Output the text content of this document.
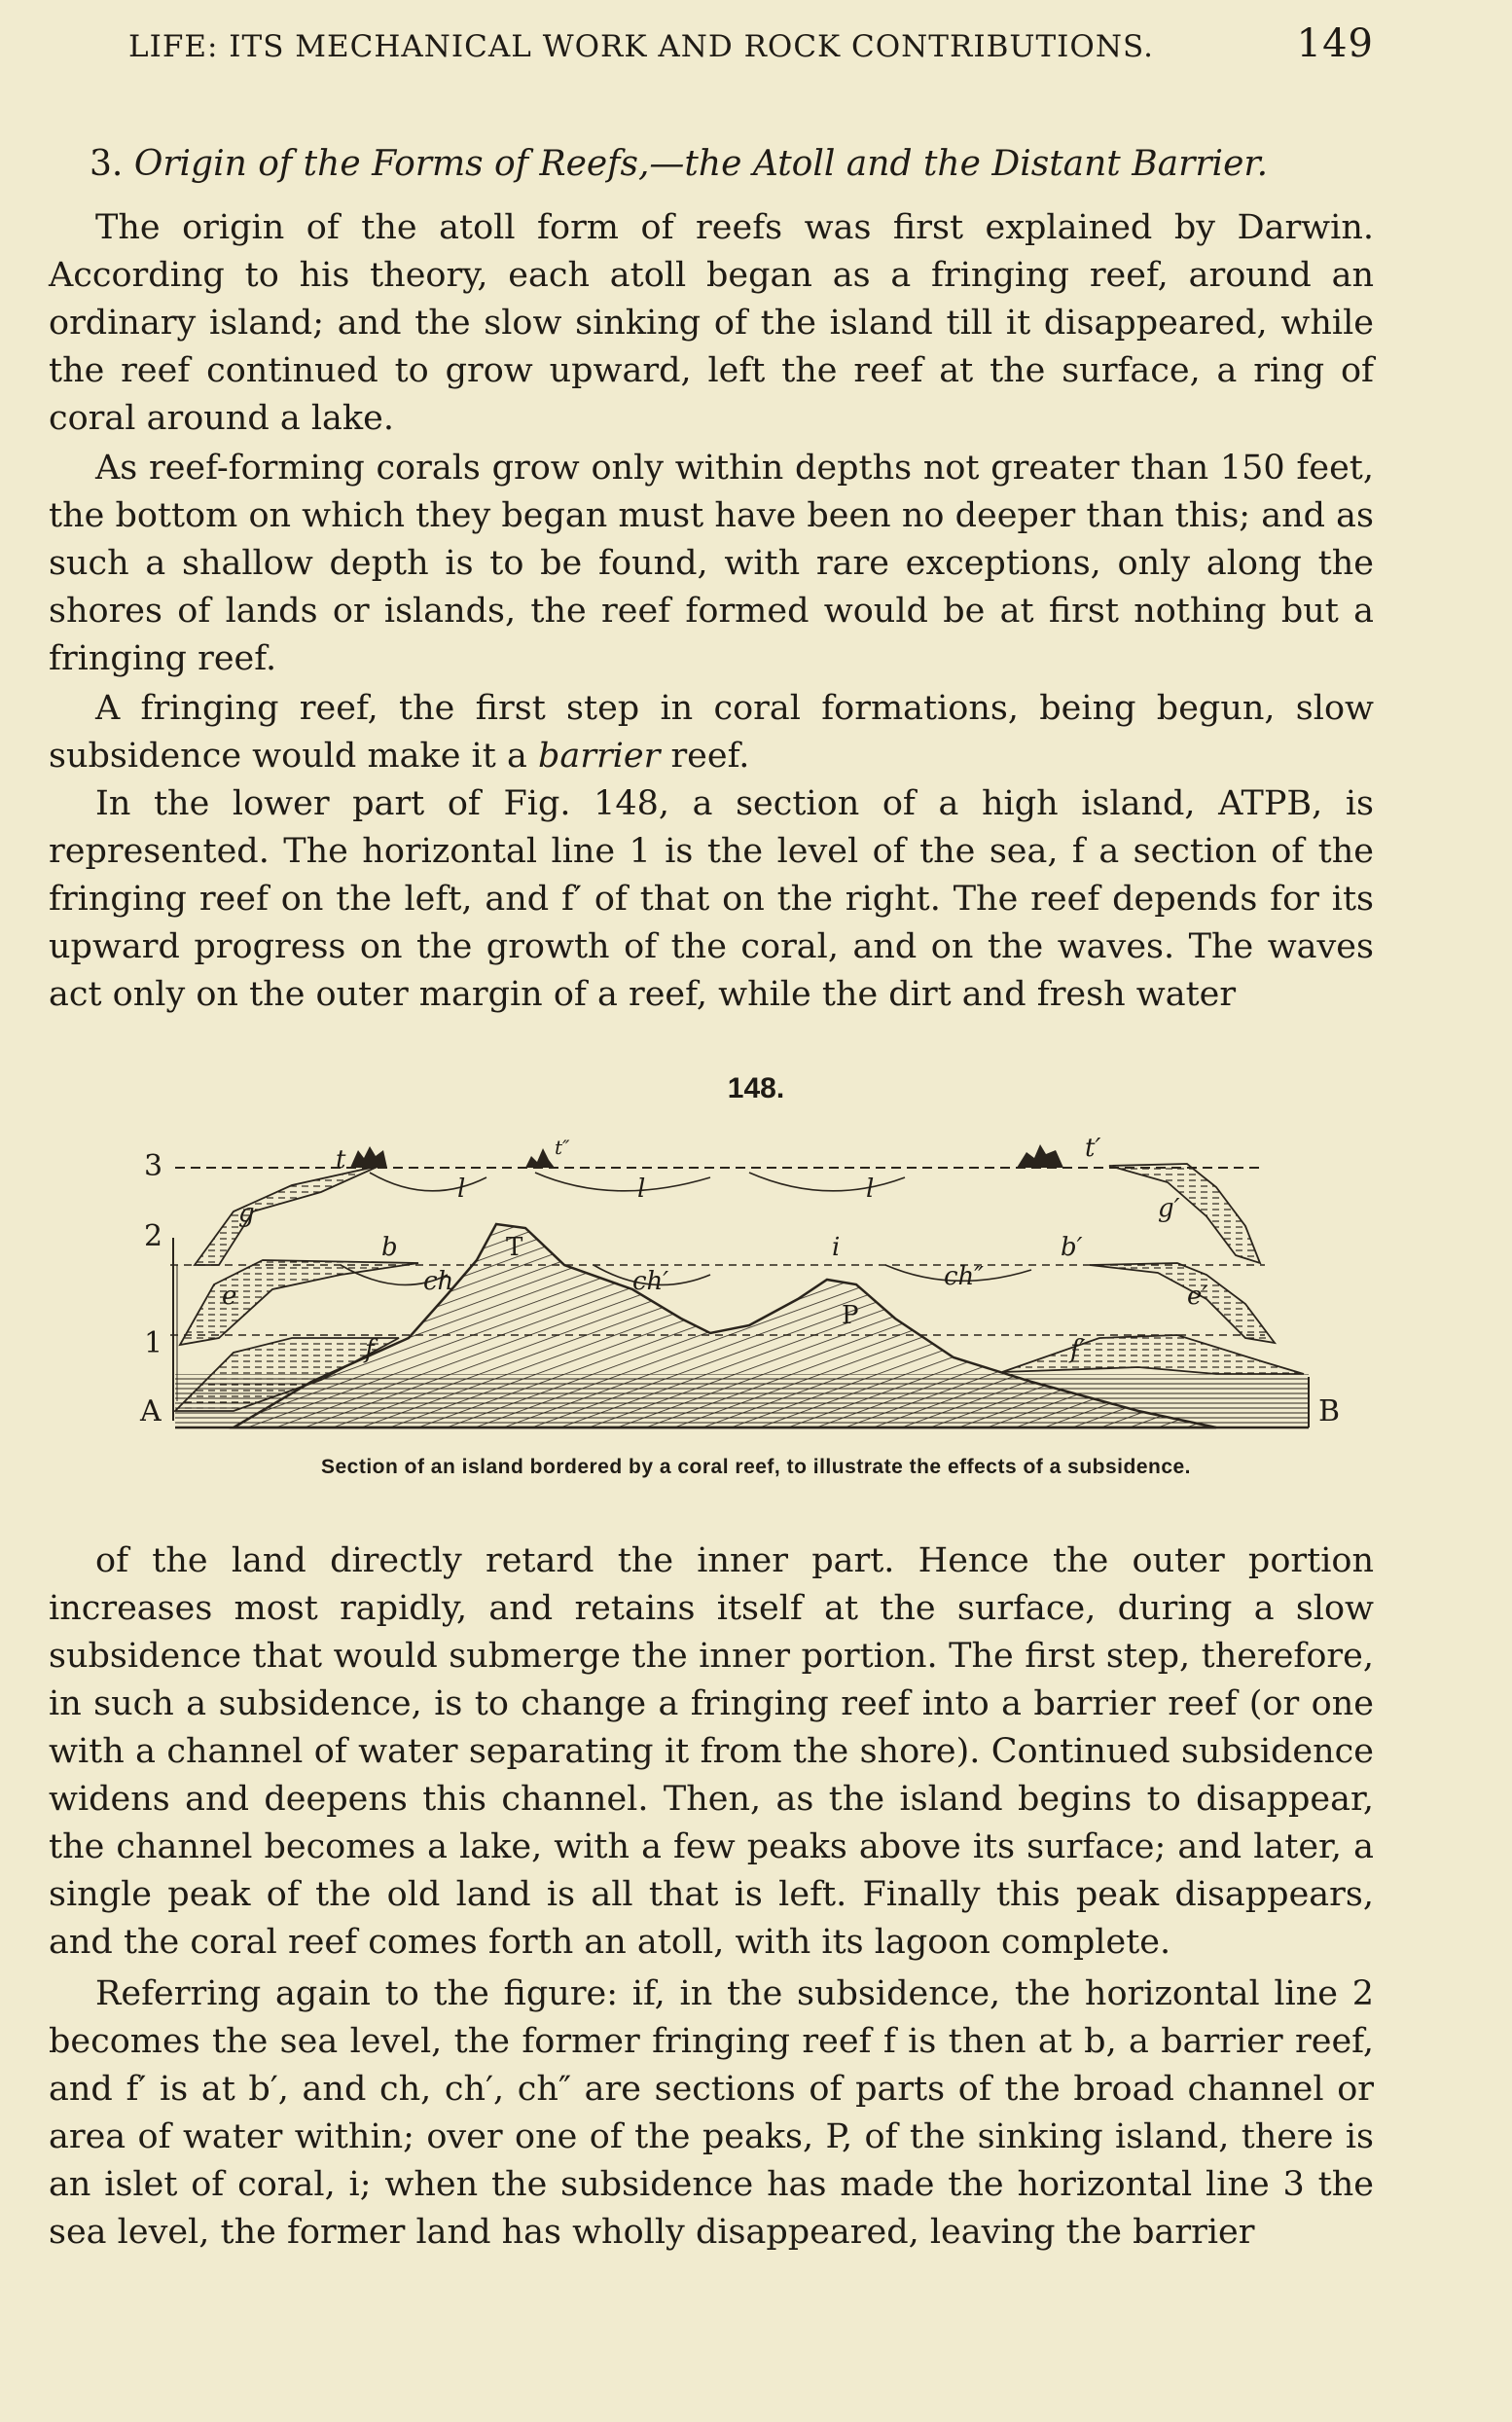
LIFE: ITS MECHANICAL WORK AND ROCK CONTRIBUTIONS.	149
3. Origin of the Forms of Reefs,—the Atoll and the Distant Barrier.

The origin of the atoll form of reefs was first explained by Darwin. According to his theory, each atoll began as a fringing reef, around an ordinary island; and the slow sinking of the island till it disappeared, while the reef continued to grow upward, left the reef at the surface, a ring of coral around a lake.

As reef-forming corals grow only within depths not greater than 150 feet, the bottom on which they began must have been no deeper than this; and as such a shallow depth is to be found, with rare exceptions, only along the shores of lands or islands, the reef formed would be at first nothing but a fringing reef.

A fringing reef, the first step in coral formations, being begun, slow subsidence would make it a barrier reef.

In the lower part of Fig. 148, a section of a high island, ATPB, is represented. The horizontal line 1 is the level of the sea, f a section of the fringing reef on the left, and f′ of that on the right. The reef depends for its upward progress on the growth of the coral, and on the waves. The waves act only on the outer margin of a reef, while the dirt and fresh water

148.
3
2
1
A	B
T
P
t	t″	t′
g	g′
l	l	l
b	b′
ch	ch′	ch″
i
e	e′
f	f′
Section of an island bordered by a coral reef, to illustrate the effects of a subsidence.

of the land directly retard the inner part. Hence the outer portion increases most rapidly, and retains itself at the surface, during a slow subsidence that would submerge the inner portion. The first step, therefore, in such a subsidence, is to change a fringing reef into a barrier reef (or one with a channel of water separating it from the shore). Continued subsidence widens and deepens this channel. Then, as the island begins to disappear, the channel becomes a lake, with a few peaks above its surface; and later, a single peak of the old land is all that is left. Finally this peak disappears, and the coral reef comes forth an atoll, with its lagoon complete.

Referring again to the figure: if, in the subsidence, the horizontal line 2 becomes the sea level, the former fringing reef f is then at b, a barrier reef, and f′ is at b′, and ch, ch′, ch″ are sections of parts of the broad channel or area of water within; over one of the peaks, P, of the sinking island, there is an islet of coral, i; when the subsidence has made the horizontal line 3 the sea level, the former land has wholly disappeared, leaving the barrier
